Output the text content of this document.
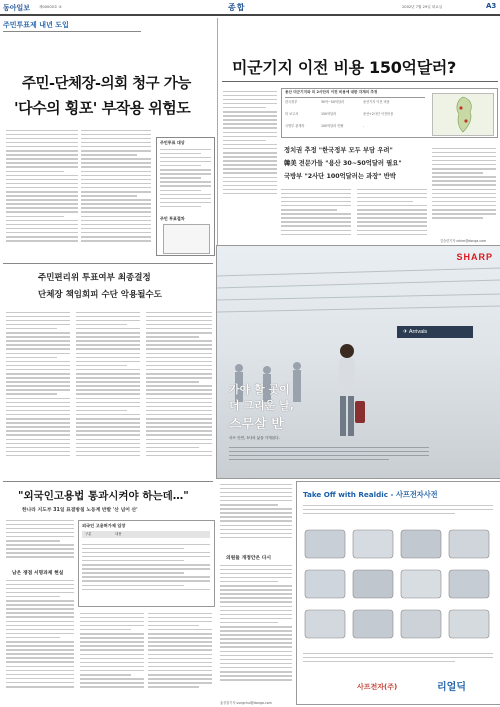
동아일보 제00000호 ③	종합	2002년 7월 29일 화요일	A3
주민투표제 내년 도입
주민-단체장-의회 청구 가능
'다수의 횡포' 부작용 위험도
주민투표 대상
주민 투표절차
주민편리위 투표여부 최종결정
단체장 책임회피 수단 악용될수도
미군기지 이전 비용 150억달러?
용산 미군기지와 미 2사단의 이전 비용에 대한 각계의 추정
한국정부	30억~50억달러	용산기지 이전 비용
미 보고서	150억달러	용산+2사단 이전비용
국방부 관계자	100억달러 안팎	-
정치권 추정 "한국정부 모두 부담 우려"
韓美 전문가들 "용산 30~50억달러 필요"
국방부 "2사단 100억달러는 과장" 반박
김승련기자 srkim@donga.com
SHARP
✈ Arrivals
가야 할 곳이
더 그리운 날,
스무살 반
샤프 인연, 3사의 삶을 가게된다.
"외국인고용법 통과시켜야 하는데…"
한나라 지도부 31일 표결방침 노동계 반발 '산 넘어 산'
남은 쟁점 서명과제 현실
외국인 고용허가제 입장
구분	내용
의원들 개정안은 다시
홍성철기자 sungchul@donga.com
Take Off with Realdic - 사프전자사전
사프전자(주)	리얼딕
